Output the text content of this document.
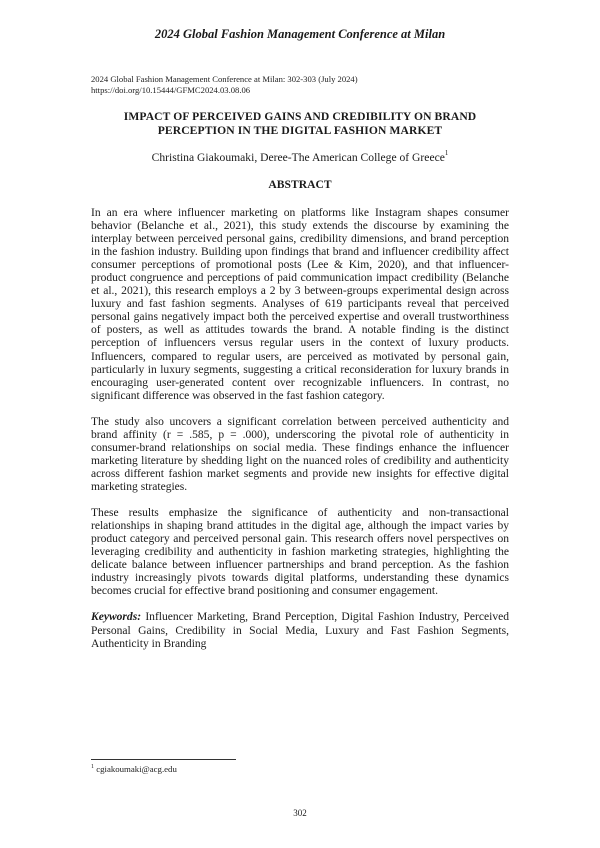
2024 Global Fashion Management Conference at Milan
2024 Global Fashion Management Conference at Milan: 302-303 (July 2024)
https://doi.org/10.15444/GFMC2024.03.08.06
IMPACT OF PERCEIVED GAINS AND CREDIBILITY ON BRAND
PERCEPTION IN THE DIGITAL FASHION MARKET
Christina Giakoumaki, Deree-The American College of Greece$^1$
ABSTRACT

In an era where influencer marketing on platforms like Instagram shapes consumer behavior (Belanche et al., 2021), this study extends the discourse by examining the interplay between perceived personal gains, credibility dimensions, and brand perception in the fashion industry. Building upon findings that brand and influencer credibility affect consumer perceptions of promotional posts (Lee & Kim, 2020), and that influencer-product congruence and perceptions of paid communication impact credibility (Belanche et al., 2021), this research employs a 2 by 3 between-groups experimental design across luxury and fast fashion segments. Analyses of 619 participants reveal that perceived personal gains negatively impact both the perceived expertise and overall trustworthiness of posters, as well as attitudes towards the brand. A notable finding is the distinct perception of influencers versus regular users in the context of luxury products. Influencers, compared to regular users, are perceived as motivated by personal gain, particularly in luxury segments, suggesting a critical reconsideration for luxury brands in encouraging user-generated content over recognizable influencers. In contrast, no significant difference was observed in the fast fashion category.

The study also uncovers a significant correlation between perceived authenticity and brand affinity (r = .585, p = .000), underscoring the pivotal role of authenticity in consumer-brand relationships on social media. These findings enhance the influencer marketing literature by shedding light on the nuanced roles of credibility and authenticity across different fashion market segments and provide new insights for effective digital marketing strategies.

These results emphasize the significance of authenticity and non-transactional relationships in shaping brand attitudes in the digital age, although the impact varies by product category and perceived personal gain. This research offers novel perspectives on leveraging credibility and authenticity in fashion marketing strategies, highlighting the delicate balance between influencer partnerships and brand perception. As the fashion industry increasingly pivots towards digital platforms, understanding these dynamics becomes crucial for effective brand positioning and consumer engagement.

Keywords: Influencer Marketing, Brand Perception, Digital Fashion Industry, Perceived Personal Gains, Credibility in Social Media, Luxury and Fast Fashion Segments, Authenticity in Branding

$^1$ cgiakoumaki@acg.edu
302
